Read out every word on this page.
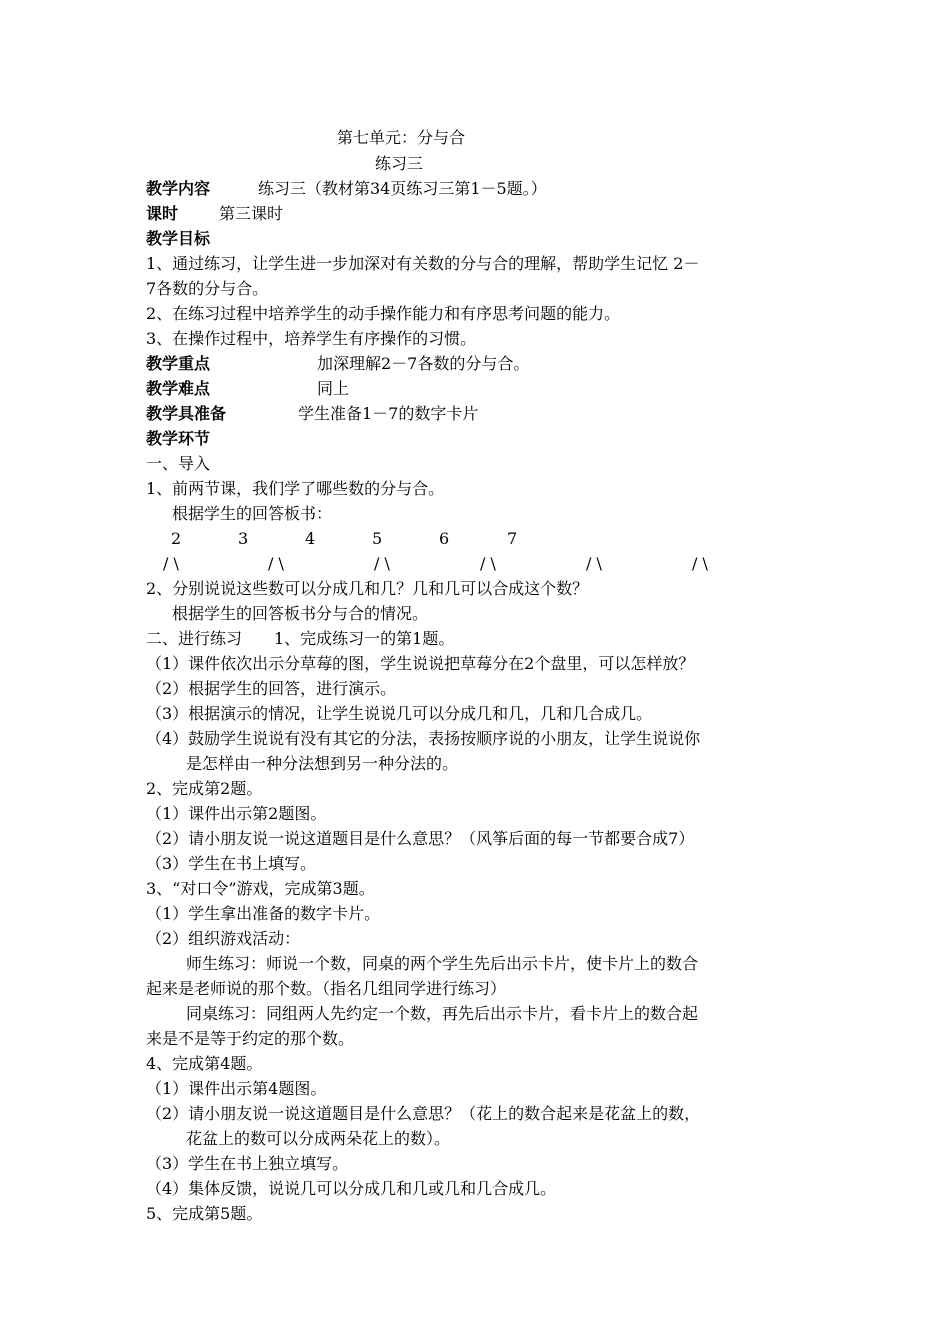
第七单元：分与合
练习三
教学内容	练习三（教材第34页练习三第1－5题。）
课时	第三课时
教学目标
1、通过练习，让学生进一步加深对有关数的分与合的理解，帮助学生记忆 2－
7各数的分与合。
2、在练习过程中培养学生的动手操作能力和有序思考问题的能力。
3、在操作过程中，培养学生有序操作的习惯。
教学重点	加深理解2－7各数的分与合。
教学难点	同上
教学具准备	学生准备1－7的数字卡片
教学环节
一、导入
1、前两节课，我们学了哪些数的分与合。
根据学生的回答板书：
2	3	4	5	6	7
/ \	/ \	/ \	/ \	/ \	/ \
2、分别说说这些数可以分成几和几？几和几可以合成这个数？
根据学生的回答板书分与合的情况。
二、进行练习　　1、完成练习一的第1题。
（1）课件依次出示分草莓的图，学生说说把草莓分在2个盘里，可以怎样放？
（2）根据学生的回答，进行演示。
（3）根据演示的情况，让学生说说几可以分成几和几，几和几合成几。
（4）鼓励学生说说有没有其它的分法，表扬按顺序说的小朋友，让学生说说你
是怎样由一种分法想到另一种分法的。
2、完成第2题。
（1）课件出示第2题图。
（2）请小朋友说一说这道题目是什么意思？（风筝后面的每一节都要合成7）
（3）学生在书上填写。
3、“对口令”游戏，完成第3题。
（1）学生拿出准备的数字卡片。
（2）组织游戏活动：
师生练习：师说一个数，同桌的两个学生先后出示卡片，使卡片上的数合
起来是老师说的那个数。（指名几组同学进行练习）
同桌练习：同组两人先约定一个数，再先后出示卡片，看卡片上的数合起
来是不是等于约定的那个数。
4、完成第4题。
（1）课件出示第4题图。
（2）请小朋友说一说这道题目是什么意思？（花上的数合起来是花盆上的数，
花盆上的数可以分成两朵花上的数）。
（3）学生在书上独立填写。
（4）集体反馈，说说几可以分成几和几或几和几合成几。
5、完成第5题。
